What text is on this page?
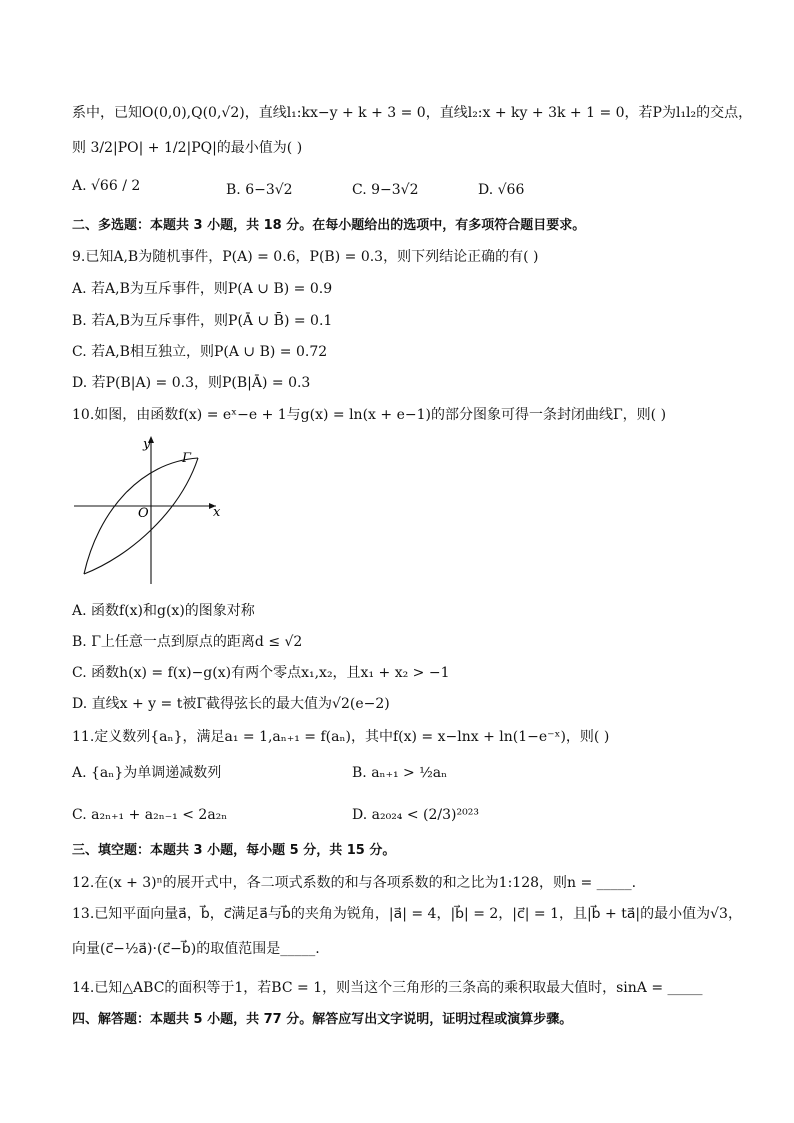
系中，已知O(0,0),Q(0,√2)，直线l₁:kx−y + k + 3 = 0，直线l₂:x + ky + 3k + 1 = 0，若P为l₁l₂的交点，
则 3/2|PO| + 1/2|PQ|的最小值为( )
A. √66 / 2	B. 6−3√2	C. 9−3√2	D. √66
二、多选题：本题共 3 小题，共 18 分。在每小题给出的选项中，有多项符合题目要求。
9.已知A,B为随机事件，P(A) = 0.6，P(B) = 0.3，则下列结论正确的有( )
A. 若A,B为互斥事件，则P(A ∪ B) = 0.9
B. 若A,B为互斥事件，则P(Ā ∪ B̄) = 0.1
C. 若A,B相互独立，则P(A ∪ B) = 0.72
D. 若P(B|A) = 0.3，则P(B|Ā) = 0.3
10.如图，由函数f(x) = eˣ−e + 1与g(x) = ln(x + e−1)的部分图象可得一条封闭曲线Γ，则( )
y
x
O
Γ
A. 函数f(x)和g(x)的图象对称
B. Γ上任意一点到原点的距离d ≤ √2
C. 函数h(x) = f(x)−g(x)有两个零点x₁,x₂，且x₁ + x₂ > −1
D. 直线x + y = t被Γ截得弦长的最大值为√2(e−2)
11.定义数列{aₙ}，满足a₁ = 1,aₙ₊₁ = f(aₙ)，其中f(x) = x−lnx + ln(1−e⁻ˣ)，则( )
A. {aₙ}为单调递减数列	B. aₙ₊₁ > ½aₙ
C. a₂ₙ₊₁ + a₂ₙ₋₁ < 2a₂ₙ	D. a₂₀₂₄ < (2/3)²⁰²³
三、填空题：本题共 3 小题，每小题 5 分，共 15 分。
12.在(x + 3)ⁿ的展开式中，各二项式系数的和与各项系数的和之比为1:128，则n = _____.
13.已知平面向量a⃗，b⃗，c⃗满足a⃗与b⃗的夹角为锐角，|a⃗| = 4，|b⃗| = 2，|c⃗| = 1，且|b⃗ + ta⃗|的最小值为√3，
向量(c⃗−½a⃗)·(c⃗−b⃗)的取值范围是_____.
14.已知△ABC的面积等于1，若BC = 1，则当这个三角形的三条高的乘积取最大值时，sinA = _____
四、解答题：本题共 5 小题，共 77 分。解答应写出文字说明，证明过程或演算步骤。
